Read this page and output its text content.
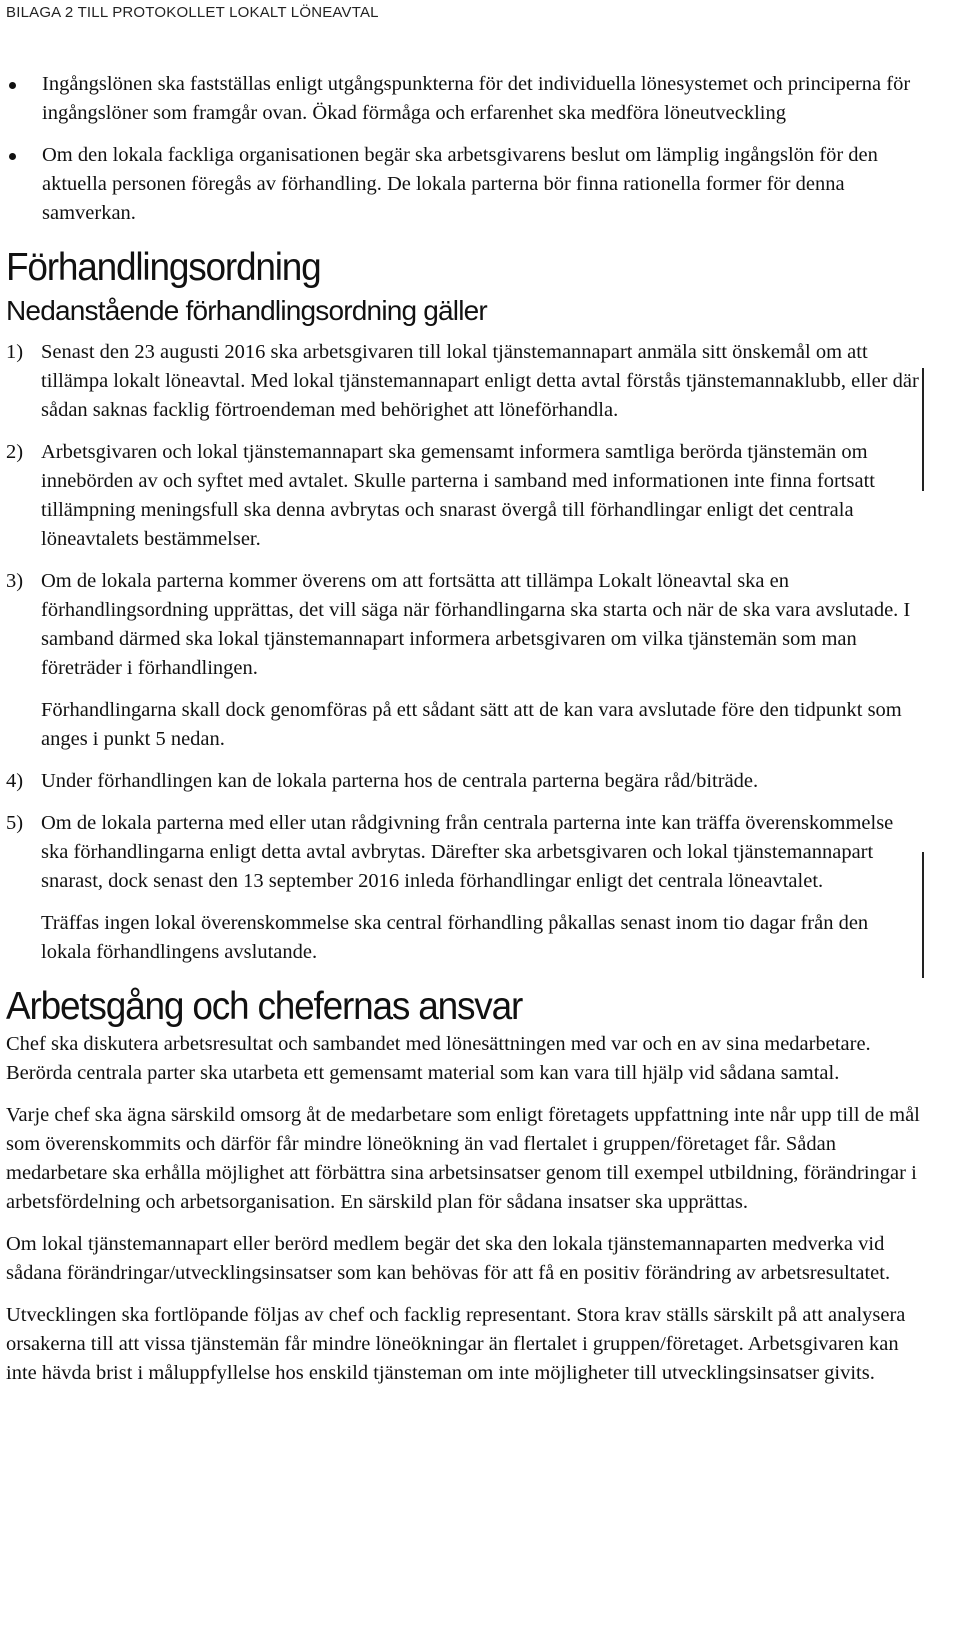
BILAGA 2 TILL PROTOKOLLET LOKALT LÖNEAVTAL

Ingångslönen ska fastställas enligt utgångspunkterna för det individuella lönesystemet och principerna för ingångslöner som framgår ovan. Ökad förmåga och erfarenhet ska medföra löneutveckling

Om den lokala fackliga organisationen begär ska arbetsgivarens beslut om lämplig ingångslön för den aktuella personen föregås av förhandling. De lokala parterna bör finna rationella former för denna samverkan.

Förhandlingsordning
Nedanstående förhandlingsordning gäller
1) Senast den 23 augusti 2016 ska arbetsgivaren till lokal tjänstemannapart anmäla sitt önskemål om att tillämpa lokalt löneavtal. Med lokal tjänstemannapart enligt detta avtal förstås tjänstemannaklubb, eller där sådan saknas facklig förtroendeman med behörighet att löneförhandla.

2) Arbetsgivaren och lokal tjänstemannapart ska gemensamt informera samtliga berörda tjänstemän om innebörden av och syftet med avtalet. Skulle parterna i samband med informationen inte finna fortsatt tillämpning meningsfull ska denna avbrytas och snarast övergå till förhandlingar enligt det centrala löneavtalets bestämmelser.

3) Om de lokala parterna kommer överens om att fortsätta att tillämpa Lokalt löneavtal ska en förhandlingsordning upprättas, det vill säga när förhandlingarna ska starta och när de ska vara avslutade. I samband därmed ska lokal tjänstemannapart informera arbetsgivaren om vilka tjänstemän som man företräder i förhandlingen.

Förhandlingarna skall dock genomföras på ett sådant sätt att de kan vara avslutade före den tidpunkt som anges i punkt 5 nedan.

4) Under förhandlingen kan de lokala parterna hos de centrala parterna begära råd/biträde.

5) Om de lokala parterna med eller utan rådgivning från centrala parterna inte kan träffa överenskommelse ska förhandlingarna enligt detta avtal avbrytas. Därefter ska arbetsgivaren och lokal tjänstemannapart snarast, dock senast den 13 september 2016 inleda förhandlingar enligt det centrala löneavtalet.

Träffas ingen lokal överenskommelse ska central förhandling påkallas senast inom tio dagar från den lokala förhandlingens avslutande.

Arbetsgång och chefernas ansvar

Chef ska diskutera arbetsresultat och sambandet med lönesättningen med var och en av sina medarbetare. Berörda centrala parter ska utarbeta ett gemensamt material som kan vara till hjälp vid sådana samtal.

Varje chef ska ägna särskild omsorg åt de medarbetare som enligt företagets uppfattning inte når upp till de mål som överenskommits och därför får mindre löneökning än vad flertalet i gruppen/företaget får. Sådan medarbetare ska erhålla möjlighet att förbättra sina arbetsinsatser genom till exempel utbildning, förändringar i arbetsfördelning och arbetsorganisation. En särskild plan för sådana insatser ska upprättas.

Om lokal tjänstemannapart eller berörd medlem begär det ska den lokala tjänstemannaparten medverka vid sådana förändringar/utvecklingsinsatser som kan behövas för att få en positiv förändring av arbetsresultatet.

Utvecklingen ska fortlöpande följas av chef och facklig representant. Stora krav ställs särskilt på att analysera orsakerna till att vissa tjänstemän får mindre löneökningar än flertalet i gruppen/företaget. Arbetsgivaren kan inte hävda brist i måluppfyllelse hos enskild tjänsteman om inte möjligheter till utvecklingsinsatser givits.
